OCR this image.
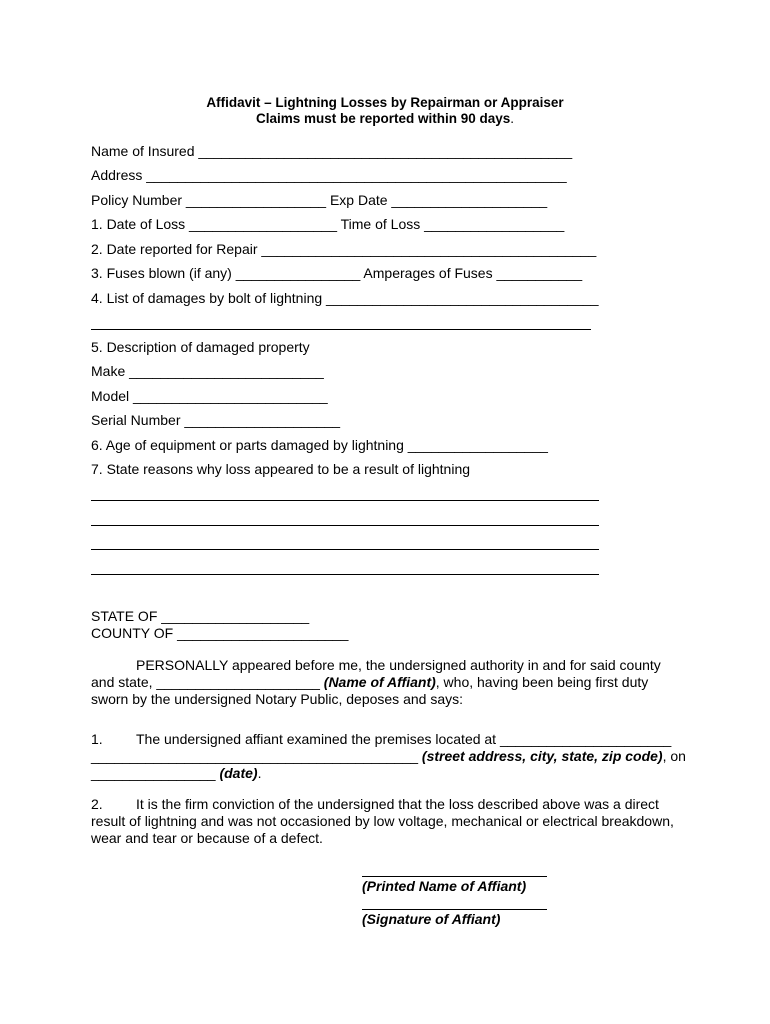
Affidavit – Lightning Losses by Repairman or Appraiser
Claims must be reported within 90 days.
Name of Insured ________________________________________________
Address ______________________________________________________
Policy Number __________________ Exp Date ____________________
1. Date of Loss ___________________ Time of Loss __________________
2. Date reported for Repair ___________________________________________
3. Fuses blown (if any) ________________ Amperages of Fuses ___________
4. List of damages by bolt of lightning ___________________________________
5. Description of damaged property
Make _________________________
Model _________________________
Serial Number ____________________
6. Age of equipment or parts damaged by lightning __________________
7. State reasons why loss appeared to be a result of lightning
STATE OF ___________________
COUNTY OF ______________________

PERSONALLY appeared before me, the undersigned authority in and for said county

and state, _____________________ (Name of Affiant), who, having been being first duty

sworn by the undersigned Notary Public, deposes and says:

1. The undersigned affiant examined the premises located at ______________________

__________________________________________ (street address, city, state, zip code), on

________________ (date).

2. It is the firm conviction of the undersigned that the loss described above was a direct

result of lightning and was not occasioned by low voltage, mechanical or electrical breakdown,

wear and tear or because of a defect.

(Printed Name of Affiant)
(Signature of Affiant)
